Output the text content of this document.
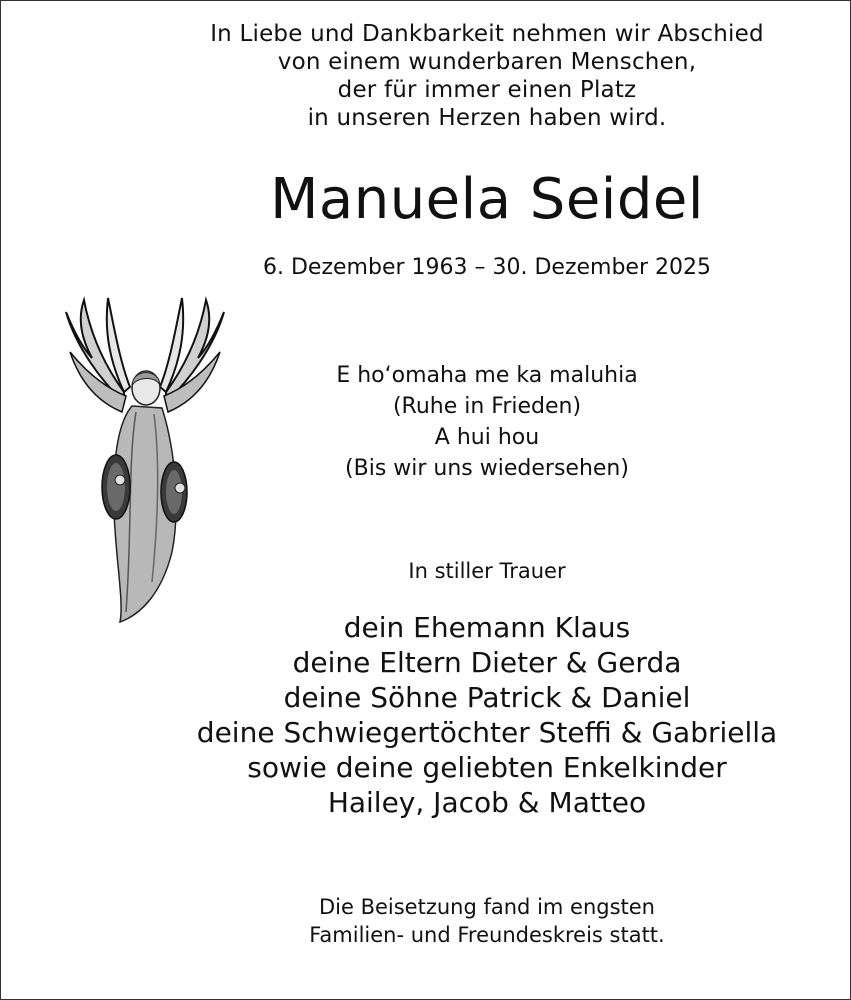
In Liebe und Dankbarkeit nehmen wir Abschied
von einem wunderbaren Menschen,
der für immer einen Platz
in unseren Herzen haben wird.
Manuela Seidel
6. Dezember 1963 – 30. Dezember 2025
E ho‘omaha me ka maluhia
(Ruhe in Frieden)
A hui hou
(Bis wir uns wiedersehen)
In stiller Trauer
dein Ehemann Klaus
deine Eltern Dieter & Gerda
deine Söhne Patrick & Daniel
deine Schwiegertöchter Steffi & Gabriella
sowie deine geliebten Enkelkinder
Hailey, Jacob & Matteo
Die Beisetzung fand im engsten
Familien- und Freundeskreis statt.
